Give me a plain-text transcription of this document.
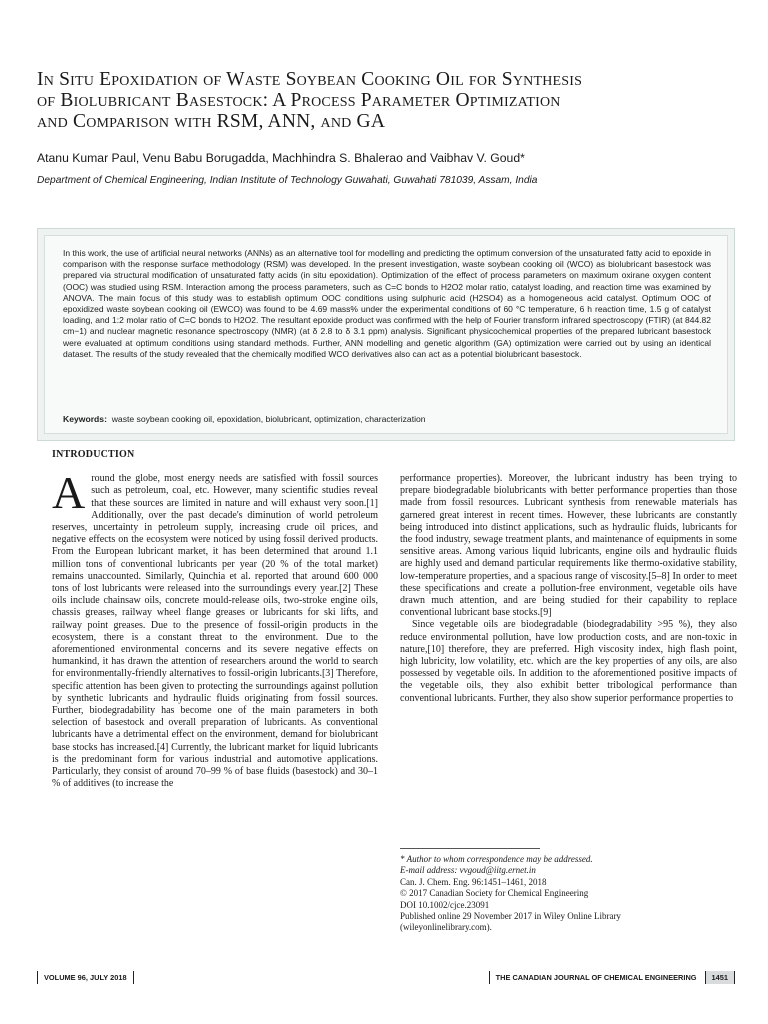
In Situ Epoxidation of Waste Soybean Cooking Oil for Synthesis
of Biolubricant Basestock: A Process Parameter Optimization
and Comparison with RSM, ANN, and GA
Atanu Kumar Paul, Venu Babu Borugadda, Machhindra S. Bhalerao and Vaibhav V. Goud*
Department of Chemical Engineering, Indian Institute of Technology Guwahati, Guwahati 781039, Assam, India
In this work, the use of artificial neural networks (ANNs) as an alternative tool for modelling and predicting the optimum conversion of the unsaturated fatty acid to epoxide in comparison with the response surface methodology (RSM) was developed. In the present investigation, waste soybean cooking oil (WCO) as biolubricant basestock was prepared via structural modification of unsaturated fatty acids (in situ epoxidation). Optimization of the effect of process parameters on maximum oxirane oxygen content (OOC) was studied using RSM. Interaction among the process parameters, such as C=C bonds to H2O2 molar ratio, catalyst loading, and reaction time was examined by ANOVA. The main focus of this study was to establish optimum OOC conditions using sulphuric acid (H2SO4) as a homogeneous acid catalyst. Optimum OOC of epoxidized waste soybean cooking oil (EWCO) was found to be 4.69 mass% under the experimental conditions of 60 °C temperature, 6 h reaction time, 1.5 g of catalyst loading, and 1:2 molar ratio of C=C bonds to H2O2. The resultant epoxide product was confirmed with the help of Fourier transform infrared spectroscopy (FTIR) (at 844.82 cm−1) and nuclear magnetic resonance spectroscopy (NMR) (at δ 2.8 to δ 3.1 ppm) analysis. Significant physicochemical properties of the prepared lubricant basestock were evaluated at optimum conditions using standard methods. Further, ANN modelling and genetic algorithm (GA) optimization were carried out by using an identical dataset. The results of the study revealed that the chemically modified WCO derivatives also can act as a potential biolubricant basestock.
Keywords: waste soybean cooking oil, epoxidation, biolubricant, optimization, characterization
INTRODUCTION
A round the globe, most energy needs are satisfied with fossil sources such as petroleum, coal, etc. However, many scientific studies reveal that these sources are limited in nature and will exhaust very soon.[1] Additionally, over the past decade's diminution of world petroleum reserves, uncertainty in petroleum supply, increasing crude oil prices, and negative effects on the ecosystem were noticed by using fossil derived products. From the European lubricant market, it has been determined that around 1.1 million tons of conventional lubricants per year (20 % of the total market) remains unaccounted. Similarly, Quinchia et al. reported that around 600 000 tons of lost lubricants were released into the surroundings every year.[2] These oils include chainsaw oils, concrete mould-release oils, two-stroke engine oils, chassis greases, railway wheel flange greases or lubricants for ski lifts, and railway point greases. Due to the presence of fossil-origin products in the ecosystem, there is a constant threat to the environment. Due to the aforementioned environmental concerns and its severe negative effects on humankind, it has drawn the attention of researchers around the world to search for environmentally-friendly alternatives to fossil-origin lubricants.[3] Therefore, specific attention has been given to protecting the surroundings against pollution by synthetic lubricants and hydraulic fluids originating from fossil sources. Further, biodegradability has become one of the main parameters in both selection of basestock and overall preparation of lubricants. As conventional lubricants have a detrimental effect on the environment, demand for biolubricant base stocks has increased.[4] Currently, the lubricant market for liquid lubricants is the predominant form for various industrial and automotive applications. Particularly, they consist of around 70–99 % of base fluids (basestock) and 30–1 % of additives (to increase the

performance properties). Moreover, the lubricant industry has been trying to prepare biodegradable biolubricants with better performance properties than those made from fossil resources. Lubricant synthesis from renewable materials has garnered great interest in recent times. However, these lubricants are constantly being introduced into distinct applications, such as hydraulic fluids, lubricants for the food industry, sewage treatment plants, and maintenance of equipments in some sensitive areas. Among various liquid lubricants, engine oils and hydraulic fluids are highly used and demand particular requirements like thermo-oxidative stability, low-temperature properties, and a spacious range of viscosity.[5–8] In order to meet these specifications and create a pollution-free environment, vegetable oils have drawn much attention, and are being studied for their capability to replace conventional lubricant base stocks.[9]

Since vegetable oils are biodegradable (biodegradability >95 %), they also reduce environmental pollution, have low production costs, and are non-toxic in nature,[10] therefore, they are preferred. High viscosity index, high flash point, high lubricity, low volatility, etc. which are the key properties of any oils, are also possessed by vegetable oils. In addition to the aforementioned positive impacts of the vegetable oils, they also exhibit better tribological performance than conventional lubricants. Further, they also show superior performance properties to

* Author to whom correspondence may be addressed.
E-mail address: vvgoud@iitg.ernet.in
Can. J. Chem. Eng. 96:1451–1461, 2018
© 2017 Canadian Society for Chemical Engineering
DOI 10.1002/cjce.23091
Published online 29 November 2017 in Wiley Online Library
(wileyonlinelibrary.com).
VOLUME 96, JULY 2018	THE CANADIAN JOURNAL OF CHEMICAL ENGINEERING	1451
